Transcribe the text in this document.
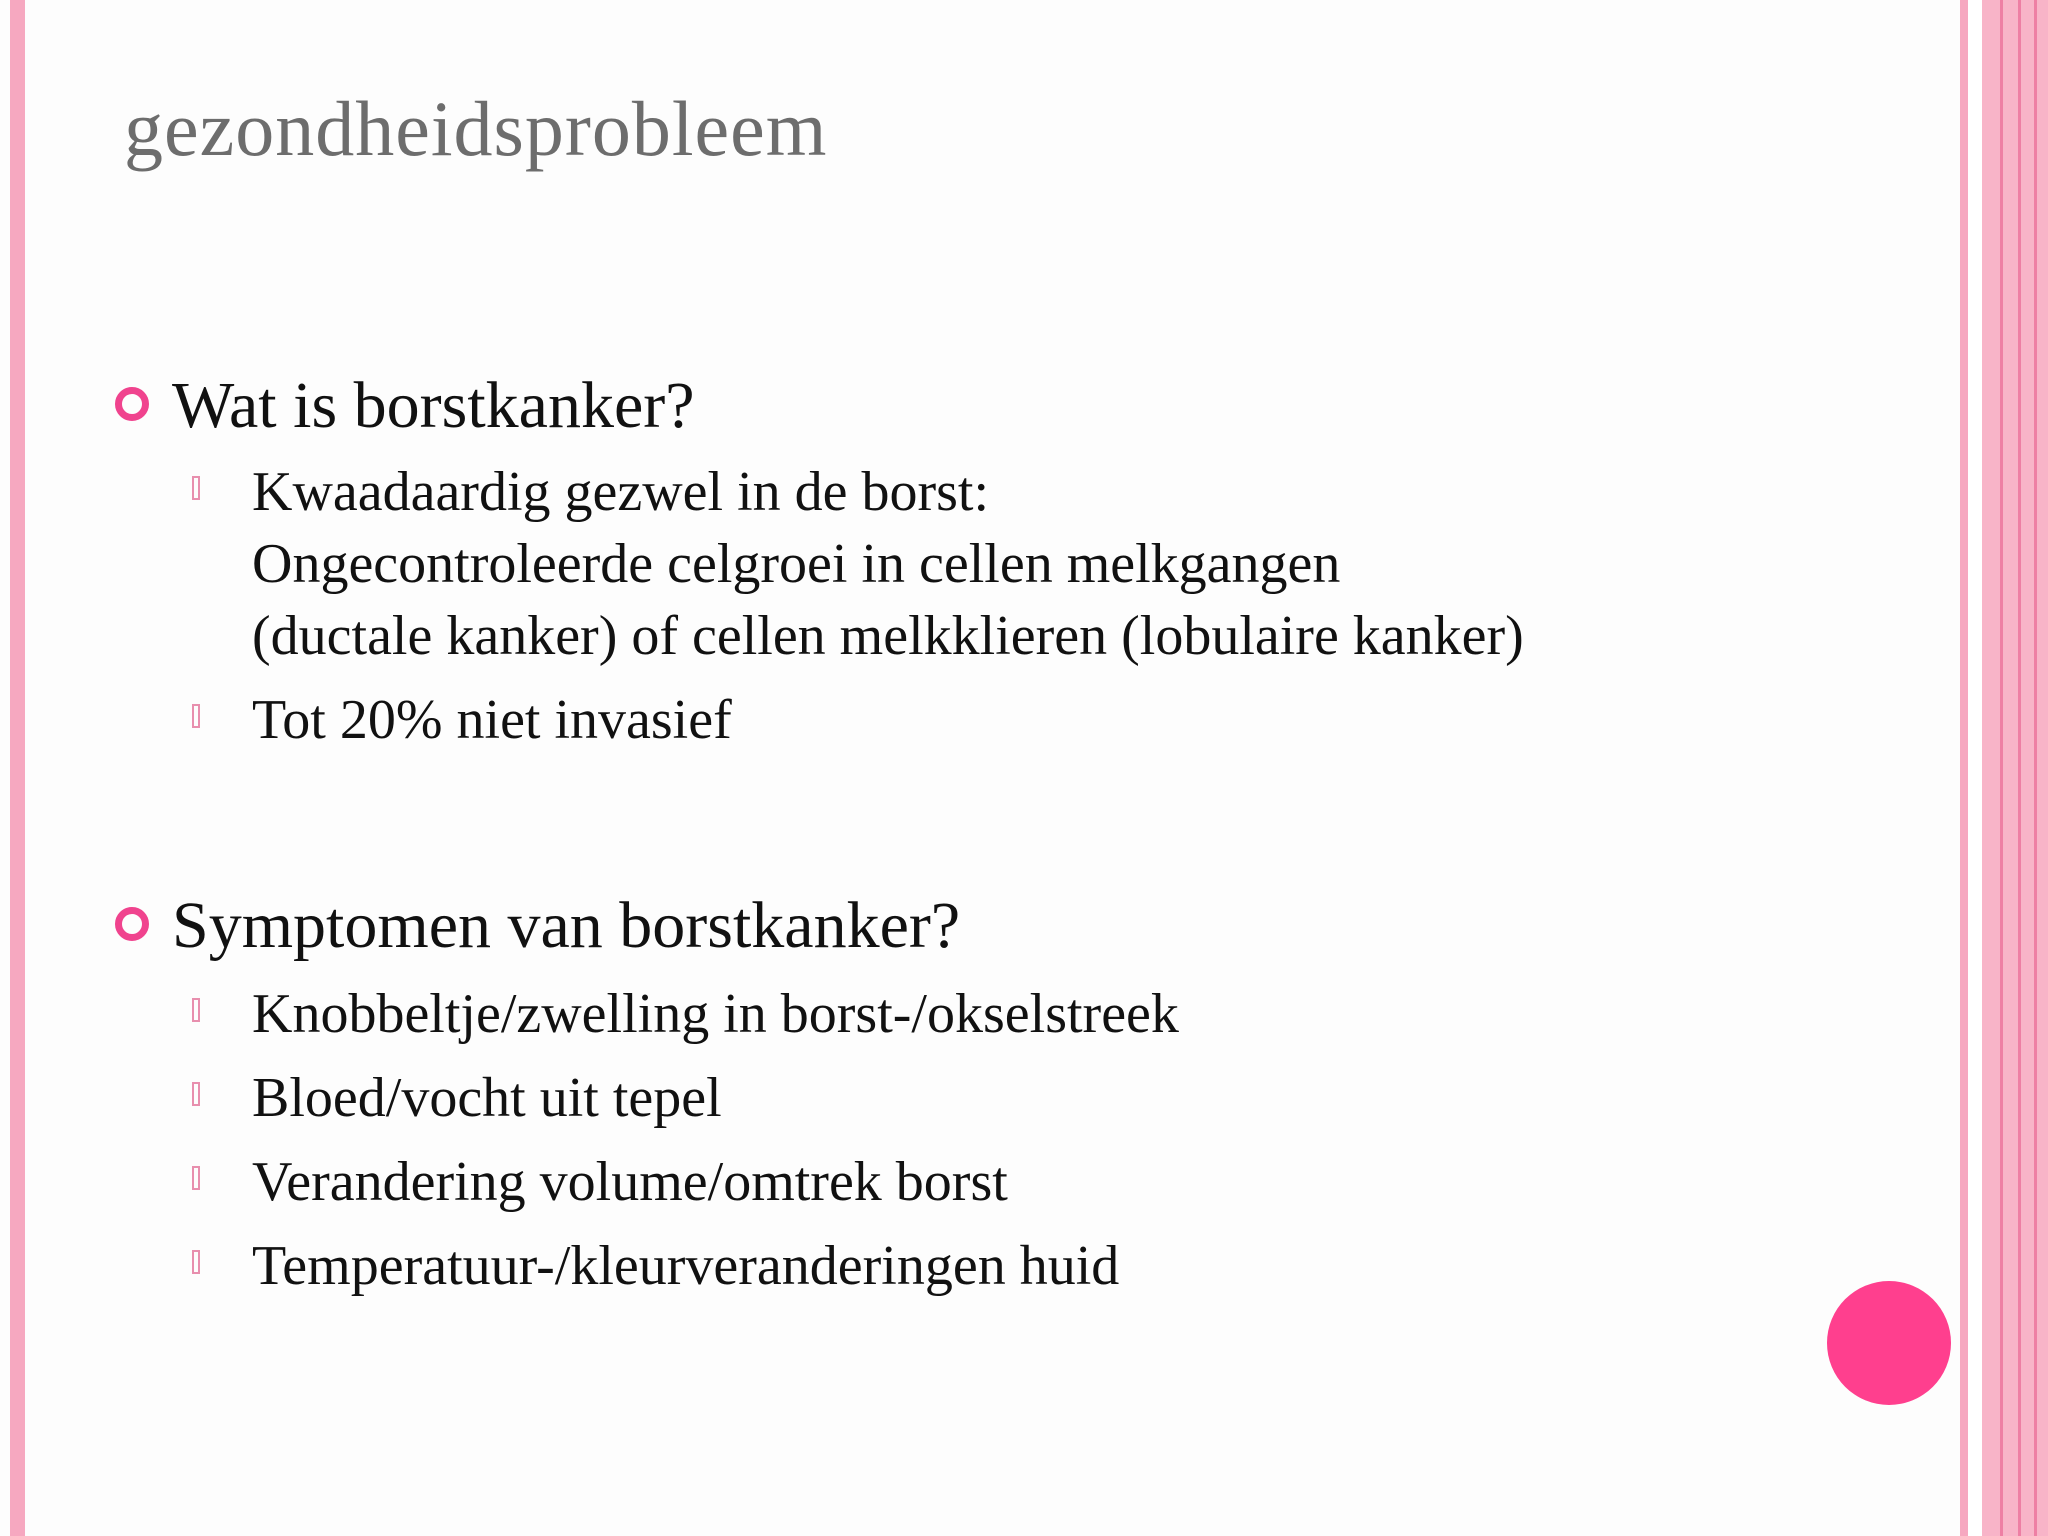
gezondheidsprobleem
Wat is borstkanker?
Kwaadaardig gezwel in de borst:
Ongecontroleerde celgroei in cellen melkgangen
(ductale kanker) of cellen melkklieren (lobulaire kanker)
Tot 20% niet invasief
Symptomen van borstkanker?
Knobbeltje/zwelling in borst-/okselstreek
Bloed/vocht uit tepel
Verandering volume/omtrek borst
Temperatuur-/kleurveranderingen huid
